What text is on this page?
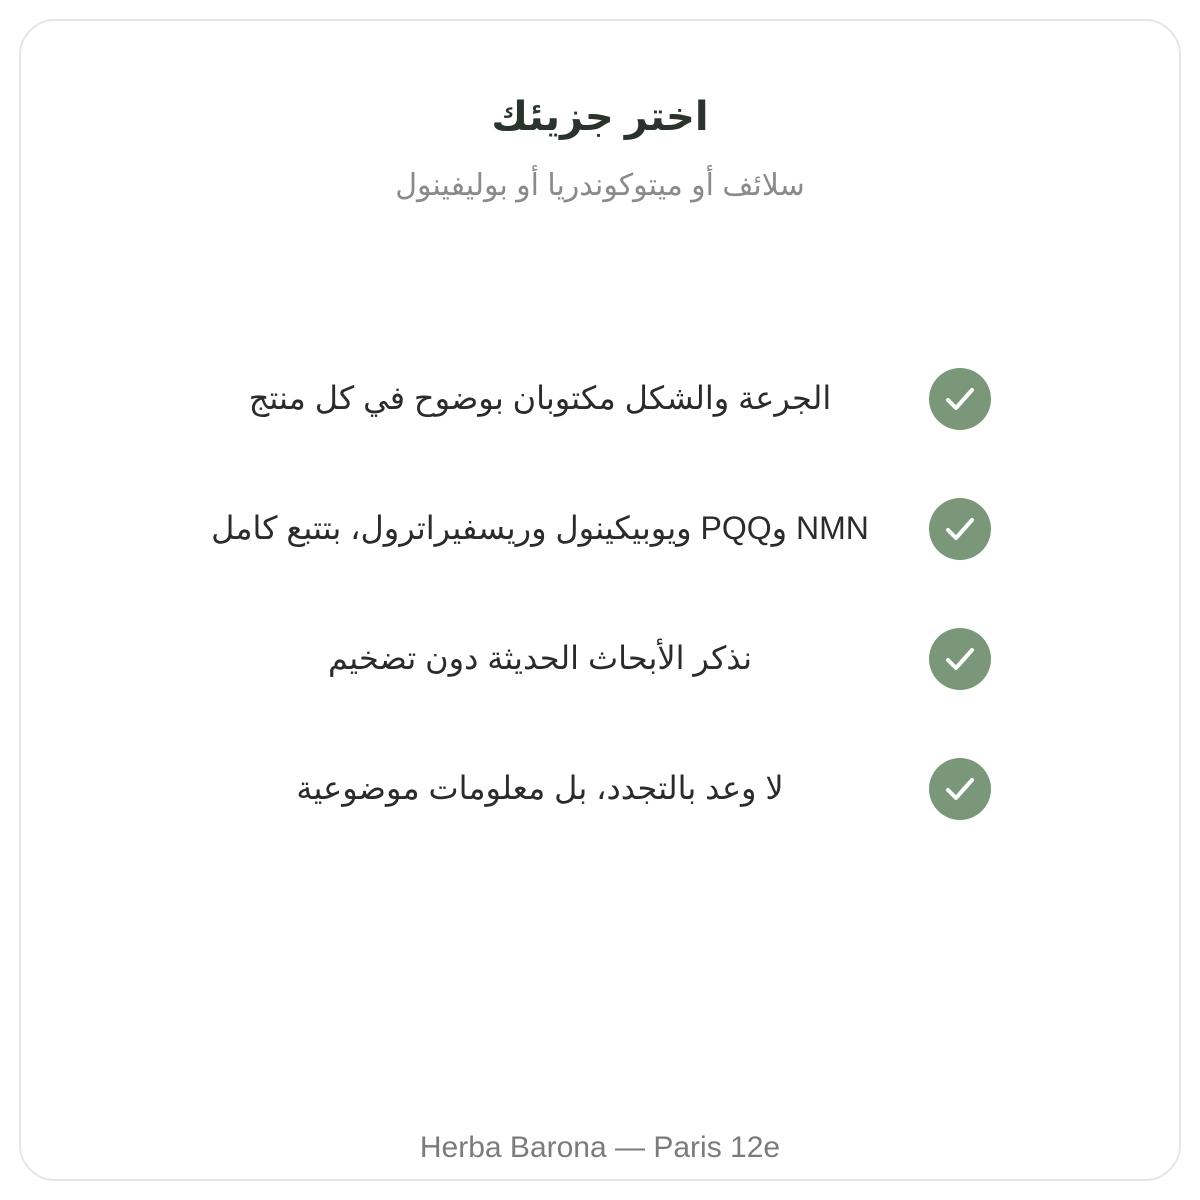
اختر جزيئك
سلائف أو ميتوكوندريا أو بوليفينول
الجرعة والشكل مكتوبان بوضوح في كل منتج
NMN وPQQ ويوبيكينول وريسفيراترول، بتتبع كامل
نذكر الأبحاث الحديثة دون تضخيم
لا وعد بالتجدد، بل معلومات موضوعية
Herba Barona — Paris 12e
